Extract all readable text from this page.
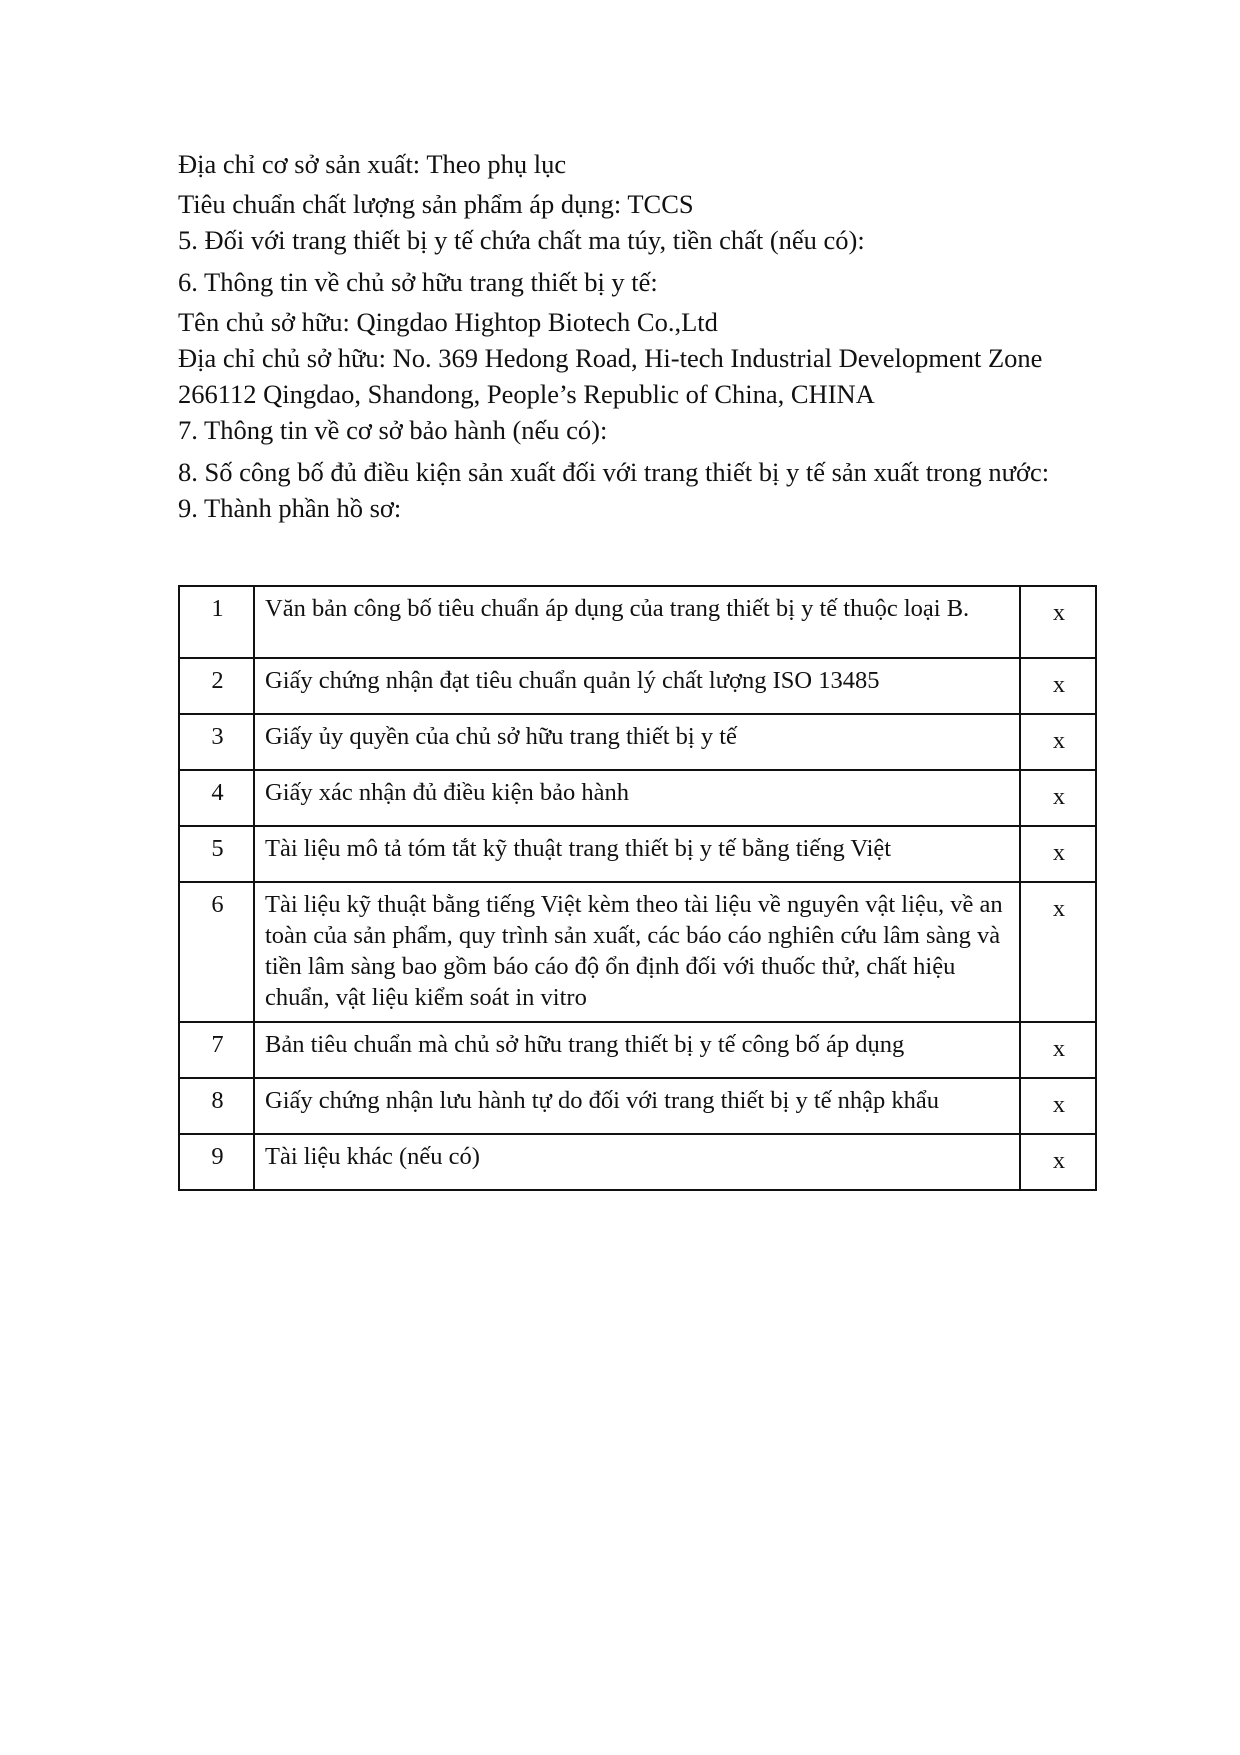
Địa chỉ cơ sở sản xuất: Theo phụ lục
Tiêu chuẩn chất lượng sản phẩm áp dụng: TCCS
5. Đối với trang thiết bị y tế chứa chất ma túy, tiền chất (nếu có):
6. Thông tin về chủ sở hữu trang thiết bị y tế:
Tên chủ sở hữu: Qingdao Hightop Biotech Co.,Ltd
Địa chỉ chủ sở hữu: No. 369 Hedong Road, Hi-tech Industrial Development Zone 266112 Qingdao, Shandong, People’s Republic of China, CHINA
7. Thông tin về cơ sở bảo hành (nếu có):
8. Số công bố đủ điều kiện sản xuất đối với trang thiết bị y tế sản xuất trong nước:
9. Thành phần hồ sơ:
1	Văn bản công bố tiêu chuẩn áp dụng của trang thiết bị y tế thuộc loại B.	x
2	Giấy chứng nhận đạt tiêu chuẩn quản lý chất lượng ISO 13485	x
3	Giấy ủy quyền của chủ sở hữu trang thiết bị y tế	x
4	Giấy xác nhận đủ điều kiện bảo hành	x
5	Tài liệu mô tả tóm tắt kỹ thuật trang thiết bị y tế bằng tiếng Việt	x
6	Tài liệu kỹ thuật bằng tiếng Việt kèm theo tài liệu về nguyên vật liệu, về an toàn của sản phẩm, quy trình sản xuất, các báo cáo nghiên cứu lâm sàng và tiền lâm sàng bao gồm báo cáo độ ổn định đối với thuốc thử, chất hiệu chuẩn, vật liệu kiểm soát in vitro	x
7	Bản tiêu chuẩn mà chủ sở hữu trang thiết bị y tế công bố áp dụng	x
8	Giấy chứng nhận lưu hành tự do đối với trang thiết bị y tế nhập khẩu	x
9	Tài liệu khác (nếu có)	x
